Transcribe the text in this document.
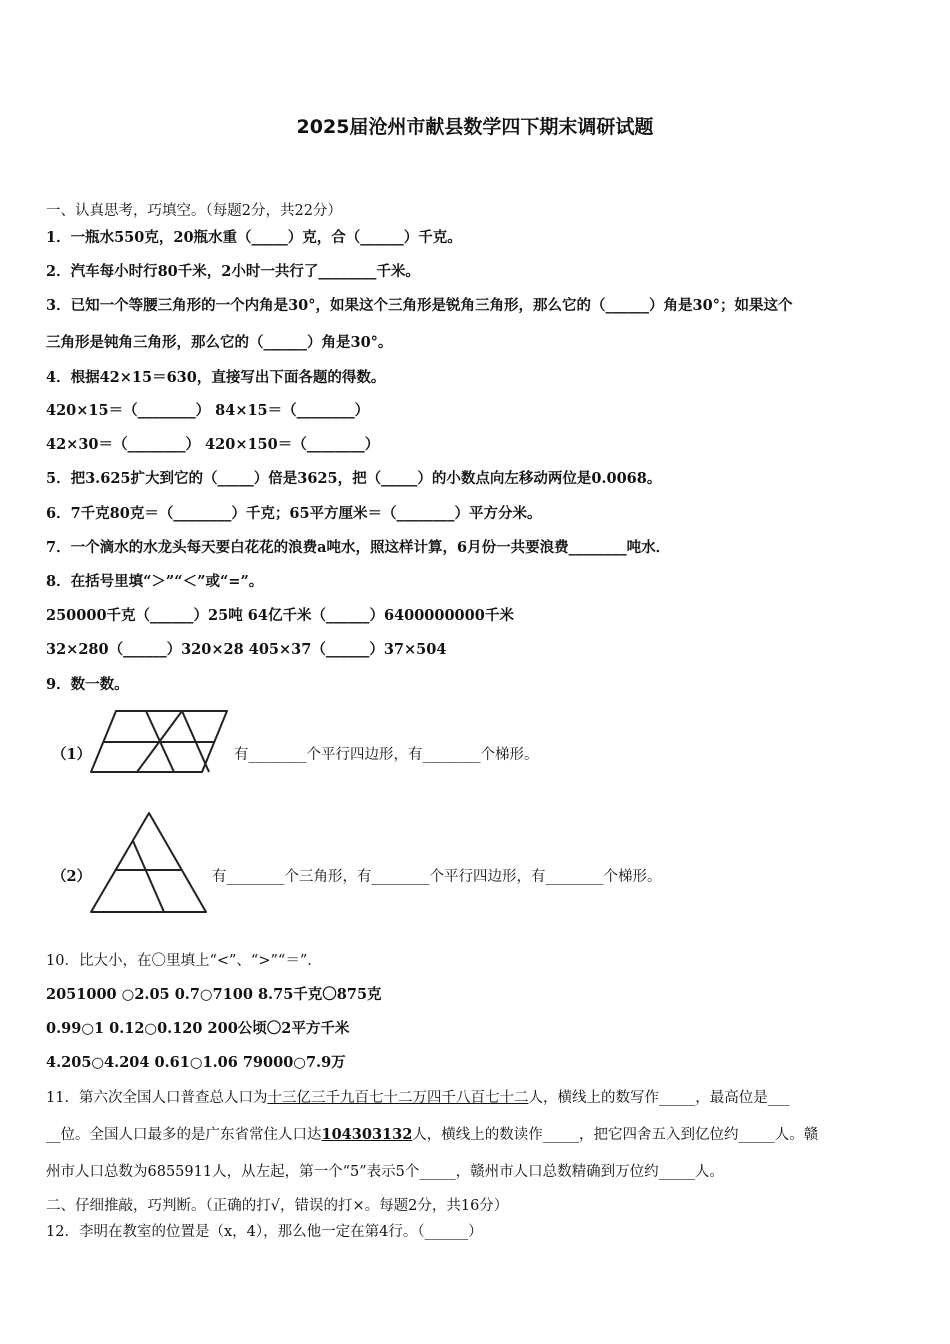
2025届沧州市献县数学四下期末调研试题
一、认真思考，巧填空。（每题2分，共22分）
1．一瓶水550克，20瓶水重（_____）克，合（______）千克。
2．汽车每小时行80千米，2小时一共行了________千米。
3．已知一个等腰三角形的一个内角是30°，如果这个三角形是锐角三角形，那么它的（______）角是30°；如果这个
三角形是钝角三角形，那么它的（______）角是30°。
4．根据42×15＝630，直接写出下面各题的得数。
420×15＝（________） 84×15＝（________）
42×30＝（________） 420×150＝（________）
5．把3.625扩大到它的（_____）倍是3625，把（_____）的小数点向左移动两位是0.0068。
6．7千克80克＝（________）千克；65平方厘米＝（________）平方分米。
7．一个滴水的水龙头每天要白花花的浪费a吨水，照这样计算，6月份一共要浪费________吨水．
8．在括号里填“＞”“＜”或“=”。
250000千克（______）25吨 64亿千米（______）6400000000千米
32×280（______）320×28 405×37（______）37×504
9．数一数。
（1）	有________个平行四边形，有________个梯形。
（2）	有________个三角形，有________个平行四边形，有________个梯形。
10．比大小，在〇里填上“<”、“>”“＝”．
2051000 ○2.05 0.7○7100 8.75千克〇875克
0.99○1 0.12○0.120 200公顷〇2平方千米
4.205○4.204 0.61○1.06 79000○7.9万
11．第六次全国人口普查总人口为十三亿三千九百七十二万四千八百七十二人，横线上的数写作_____，最高位是___
__位。全国人口最多的是广东省常住人口达104303132人，横线上的数读作_____，把它四舍五入到亿位约_____人。赣
州市人口总数为6855911人，从左起，第一个“5”表示5个_____，赣州市人口总数精确到万位约_____人。
二、仔细推敲，巧判断。（正确的打√，错误的打×。每题2分，共16分）
12．李明在教室的位置是（x，4），那么他一定在第4行。（______）
